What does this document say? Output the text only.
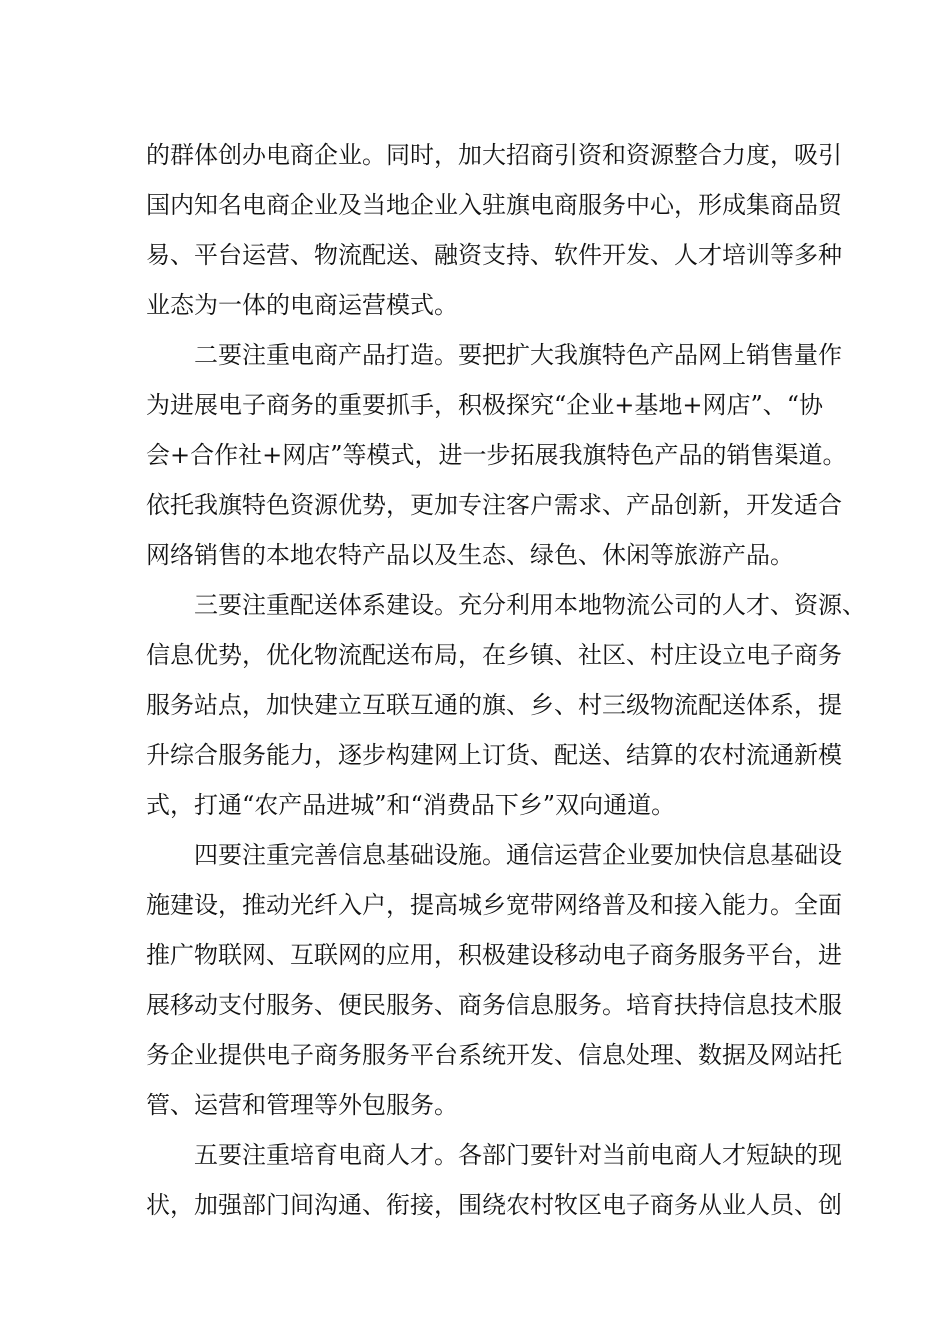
的群体创办电商企业。同时，加大招商引资和资源整合力度，吸引
国内知名电商企业及当地企业入驻旗电商服务中心，形成集商品贸
易、平台运营、物流配送、融资支持、软件开发、人才培训等多种
业态为一体的电商运营模式。
二要注重电商产品打造。要把扩大我旗特色产品网上销售量作
为进展电子商务的重要抓手，积极探究“企业+基地+网店”、“协
会+合作社+网店”等模式，进一步拓展我旗特色产品的销售渠道。
依托我旗特色资源优势，更加专注客户需求、产品创新，开发适合
网络销售的本地农特产品以及生态、绿色、休闲等旅游产品。
三要注重配送体系建设。充分利用本地物流公司的人才、资源、
信息优势，优化物流配送布局，在乡镇、社区、村庄设立电子商务
服务站点，加快建立互联互通的旗、乡、村三级物流配送体系，提
升综合服务能力，逐步构建网上订货、配送、结算的农村流通新模
式，打通“农产品进城”和“消费品下乡”双向通道。
四要注重完善信息基础设施。通信运营企业要加快信息基础设
施建设，推动光纤入户，提高城乡宽带网络普及和接入能力。全面
推广物联网、互联网的应用，积极建设移动电子商务服务平台，进
展移动支付服务、便民服务、商务信息服务。培育扶持信息技术服
务企业提供电子商务服务平台系统开发、信息处理、数据及网站托
管、运营和管理等外包服务。
五要注重培育电商人才。各部门要针对当前电商人才短缺的现
状，加强部门间沟通、衔接，围绕农村牧区电子商务从业人员、创
